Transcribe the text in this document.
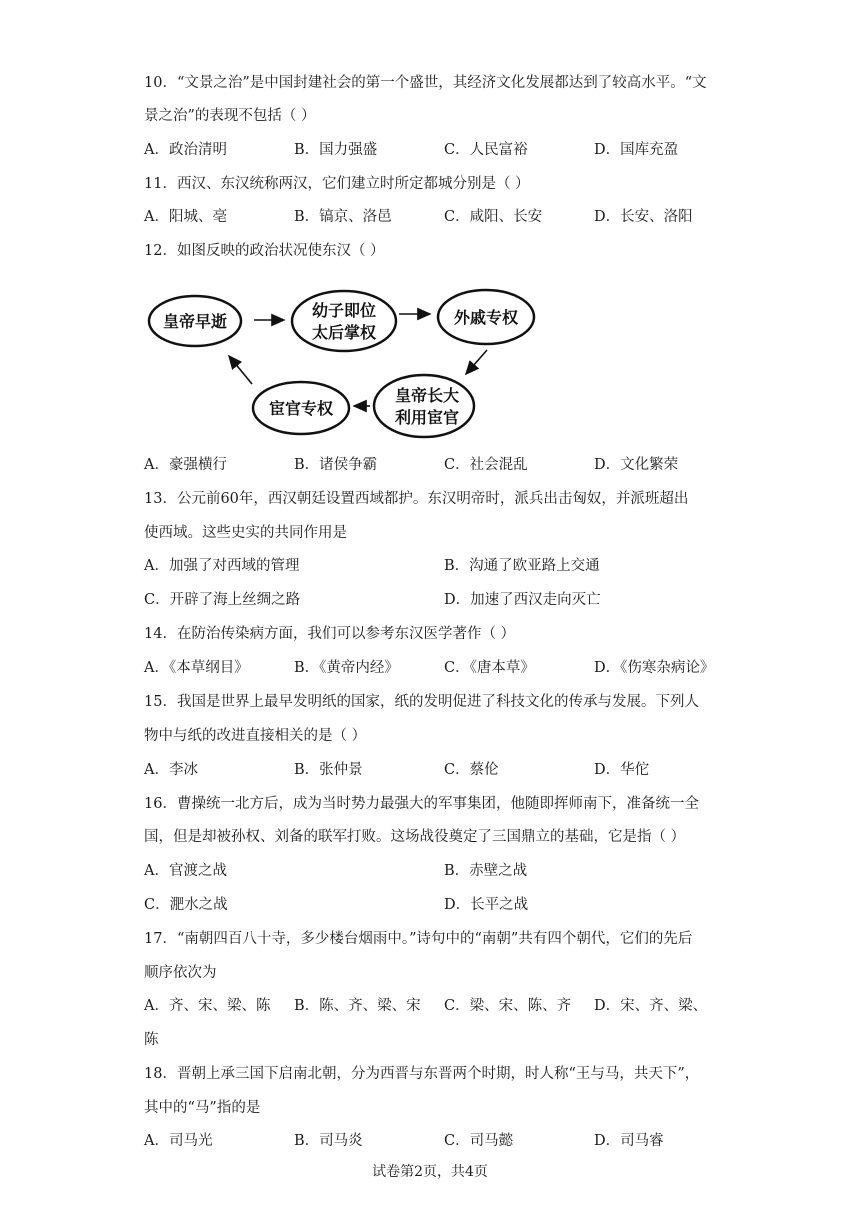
10．“文景之治”是中国封建社会的第一个盛世，其经济文化发展都达到了较高水平。“文
景之治”的表现不包括（ ）
A．政治清明	B．国力强盛	C．人民富裕	D．国库充盈
11．西汉、东汉统称两汉，它们建立时所定都城分别是（ ）
A．阳城、亳	B．镐京、洛邑	C．咸阳、长安	D．长安、洛阳
12．如图反映的政治状况使东汉（ ）
皇帝早逝
幼子即位
太后掌权
外戚专权
皇帝长大
利用宦官
宦官专权
A．豪强横行	B．诸侯争霸	C．社会混乱	D．文化繁荣
13．公元前60年，西汉朝廷设置西域都护。东汉明帝时，派兵出击匈奴，并派班超出
使西域。这些史实的共同作用是
A．加强了对西域的管理	B．沟通了欧亚路上交通
C．开辟了海上丝绸之路	D．加速了西汉走向灭亡
14．在防治传染病方面，我们可以参考东汉医学著作（ ）
A．《本草纲目》	B．《黄帝内经》	C．《唐本草》	D．《伤寒杂病论》
15．我国是世界上最早发明纸的国家，纸的发明促进了科技文化的传承与发展。下列人
物中与纸的改进直接相关的是（ ）
A．李冰	B．张仲景	C．蔡伦	D．华佗
16．曹操统一北方后，成为当时势力最强大的军事集团，他随即挥师南下，准备统一全
国，但是却被孙权、刘备的联军打败。这场战役奠定了三国鼎立的基础，它是指（ ）
A．官渡之战	B．赤壁之战
C．淝水之战	D．长平之战
17．“南朝四百八十寺，多少楼台烟雨中。”诗句中的“南朝”共有四个朝代，它们的先后
顺序依次为
A．齐、宋、梁、陈 B．陈、齐、梁、宋 C．梁、宋、陈、齐 D．宋、齐、梁、
陈
18．晋朝上承三国下启南北朝，分为西晋与东晋两个时期，时人称“王与马，共天下”，
其中的“马”指的是
A．司马光	B．司马炎	C．司马懿	D．司马睿
试卷第2页，共4页
